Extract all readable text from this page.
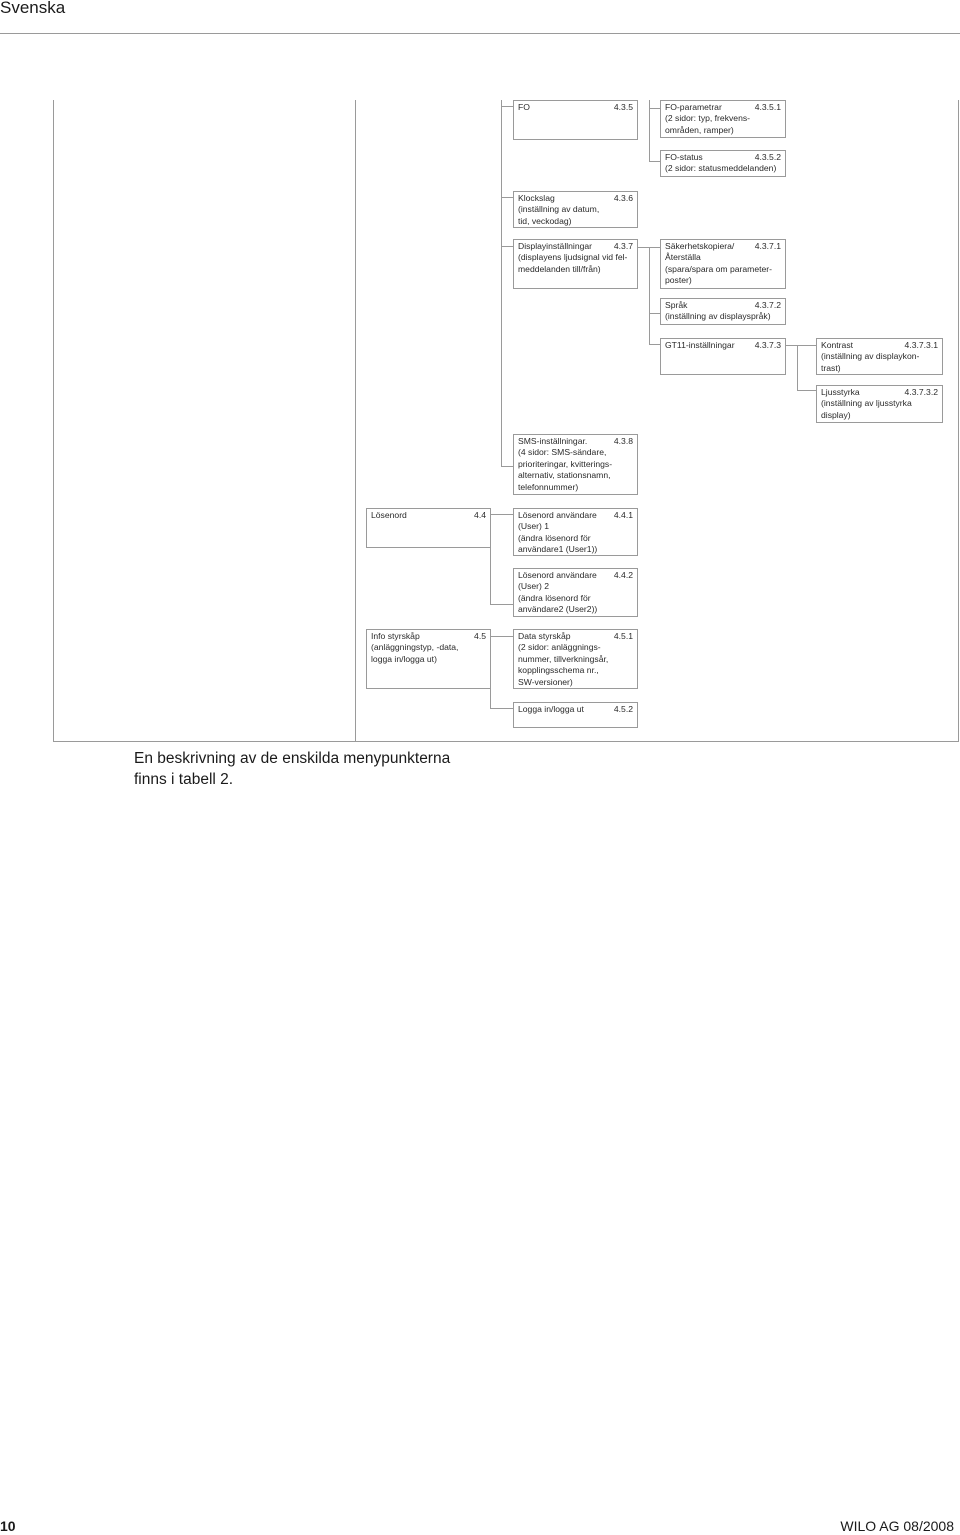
Svenska
FO	4.3.5	FO-parametrar	4.3.5.1
(2 sidor: typ, frekvens-
områden, ramper)
FO-status	4.3.5.2
(2 sidor: statusmeddelanden)
Klockslag	4.3.6
(inställning av datum,
tid, veckodag)
Displayinställningar	4.3.7
(displayens ljudsignal vid fel-
meddelanden till/från)
Säkerhetskopiera/ 4.3.7.1
Återställa
(spara/spara om parameter-
poster)
Språk	4.3.7.2
(inställning av displayspråk)
GT11-inställningar 4.3.7.3	Kontrast	4.3.7.3.1
(inställning av displaykon-
trast)
Ljusstyrka	4.3.7.3.2
(inställning av ljusstyrka
display)
SMS-inställningar.	4.3.8
(4 sidor: SMS-sändare,
prioriteringar, kvitterings-
alternativ, stationsnamn,
telefonnummer)
Lösenord	4.4	Lösenord användare 4.4.1
(User) 1
(ändra lösenord för
användare1 (User1))
Lösenord användare 4.4.2
(User) 2
(ändra lösenord för
användare2 (User2))
Info styrskåp	4.5
(anläggningstyp, -data,
logga in/logga ut)
Data styrskåp	4.5.1
(2 sidor: anläggnings-
nummer, tillverkningsår,
kopplingsschema nr.,
SW-versioner)
Logga in/logga ut	4.5.2
En beskrivning av de enskilda menypunkterna
finns i tabell 2.
10	WILO AG 08/2008
